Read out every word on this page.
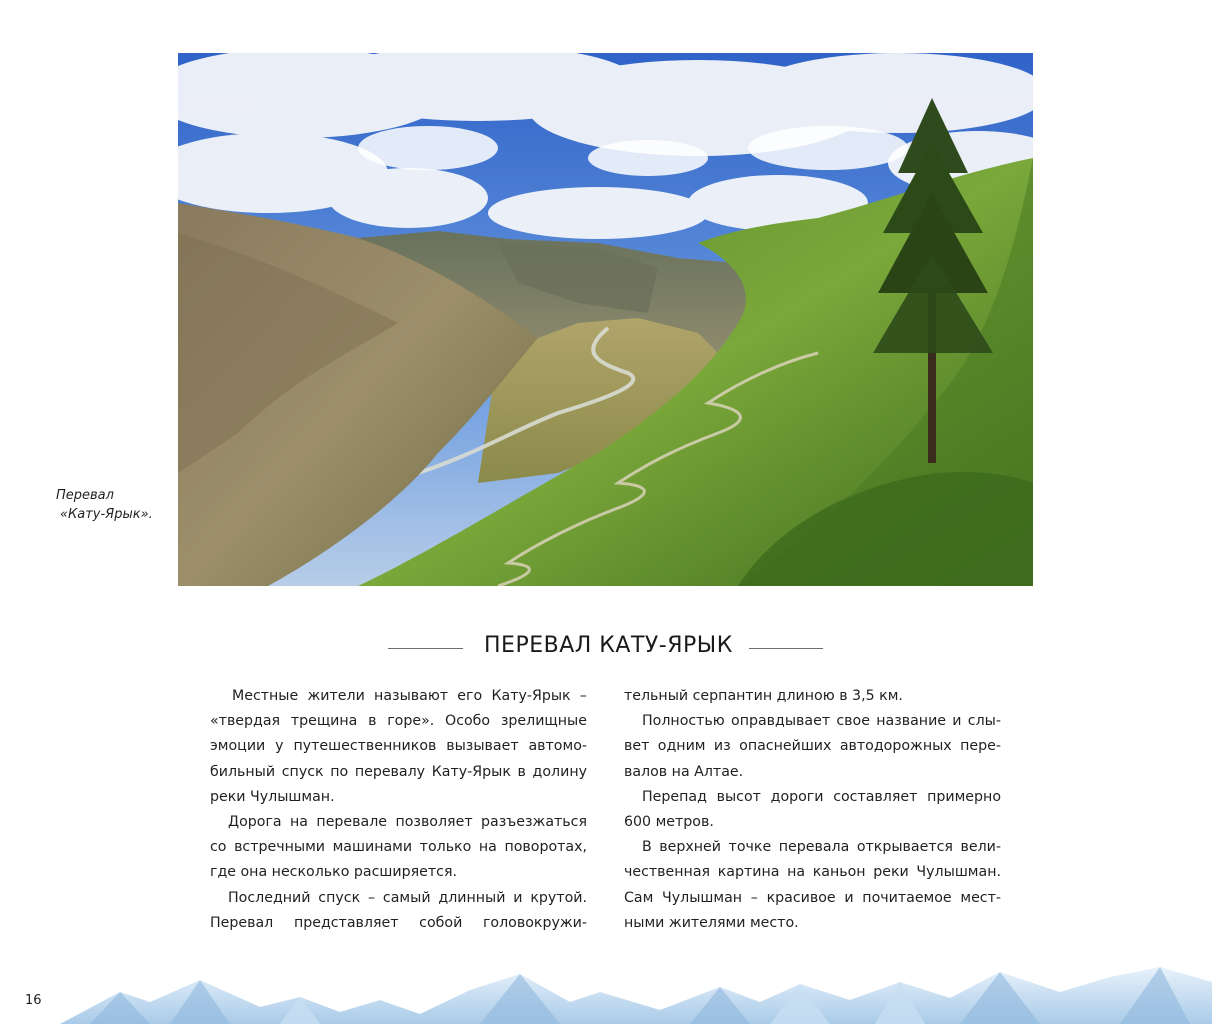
Перевал
«Кату-Ярык».
ПЕРЕВАЛ КАТУ-ЯРЫК
Местные жители называют его Кату-Ярык –
«твердая трещина в горе». Особо зрелищные
эмоции у путешественников вызывает автомо-
бильный спуск по перевалу Кату-Ярык в долину
реки Чулышман.
Дорога на перевале позволяет разъезжаться
со встречными машинами только на поворотах,
где она несколько расширяется.
Последний спуск – самый длинный и крутой.
Перевал представляет собой головокружи-
тельный серпантин длиною в 3,5 км.
Полностью оправдывает свое название и слы-
вет одним из опаснейших автодорожных пере-
валов на Алтае.
Перепад высот дороги составляет примерно
600 метров.
В верхней точке перевала открывается вели-
чественная картина на каньон реки Чулышман.
Сам Чулышман – красивое и почитаемое мест-
ными жителями место.
16
